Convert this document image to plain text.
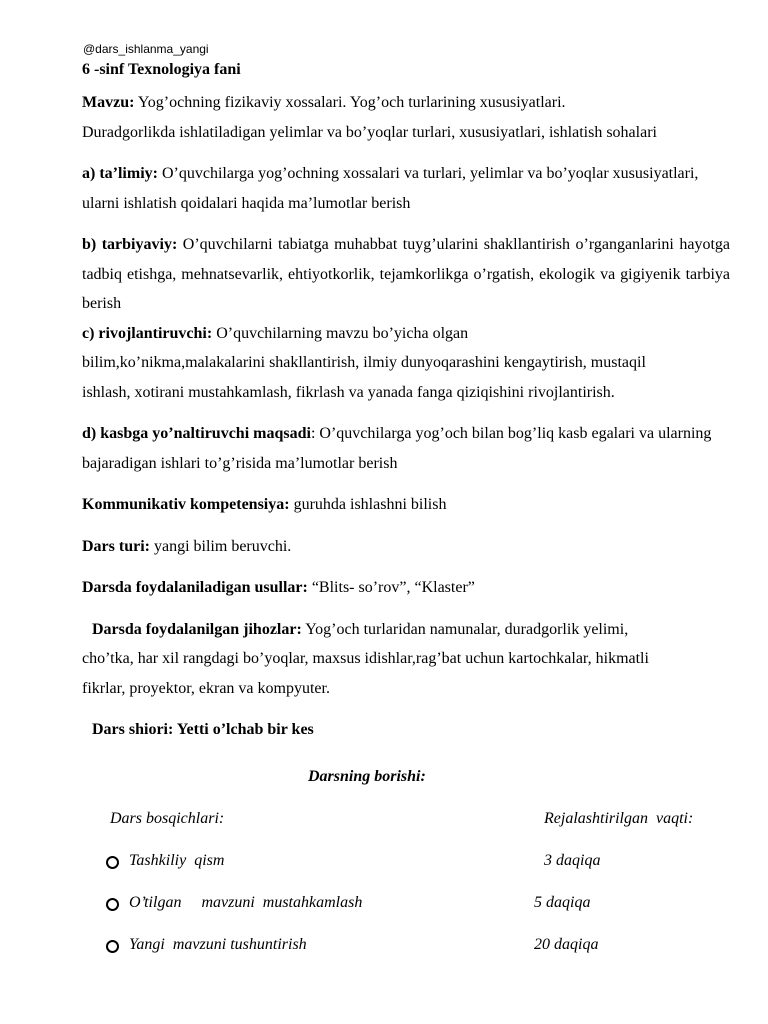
@dars_ishlanma_yangi

6 -sinf Texnologiya fani

Mavzu: Yog’ochning fizikaviy xossalari. Yog’och turlarining xususiyatlari.

Duradgorlikda ishlatiladigan yelimlar va bo’yoqlar turlari, xususiyatlari, ishlatish sohalari

a) ta’limiy: O’quvchilarga yog’ochning xossalari va turlari, yelimlar va bo’yoqlar xususiyatlari, ularni ishlatish qoidalari haqida ma’lumotlar berish

b) tarbiyaviy: O’quvchilarni tabiatga muhabbat tuyg’ularini shakllantirish o’rganganlarini hayotga tadbiq etishga, mehnatsevarlik, ehtiyotkorlik, tejamkorlikga o’rgatish, ekologik va gigiyenik tarbiya berish

c) rivojlantiruvchi: O’quvchilarning mavzu bo’yicha olgan

bilim,ko’nikma,malakalarini shakllantirish, ilmiy dunyoqarashini kengaytirish, mustaqil

ishlash, xotirani mustahkamlash, fikrlash va yanada fanga qiziqishini rivojlantirish.

d) kasbga yo’naltiruvchi maqsadi: O’quvchilarga yog’och bilan bog’liq kasb egalari va ularning bajaradigan ishlari to’g’risida ma’lumotlar berish

Kommunikativ kompetensiya: guruhda ishlashni bilish

Dars turi: yangi bilim beruvchi.

Darsda foydalaniladigan usullar: “Blits- so’rov”, “Klaster”

Darsda foydalanilgan jihozlar: Yog’och turlaridan namunalar, duradgorlik yelimi,

cho’tka, har xil rangdagi bo’yoqlar, maxsus idishlar,rag’bat uchun kartochkalar, hikmatli

fikrlar, proyektor, ekran va kompyuter.

Dars shiori: Yetti o’lchab bir kes

Darsning borishi:
Dars bosqichlari:	Rejalashtirilgan  vaqti:
Tashkiliy  qism	3 daqiqa
O’tilgan     mavzuni  mustahkamlash	5 daqiqa
Yangi  mavzuni tushuntirish	20 daqiqa
